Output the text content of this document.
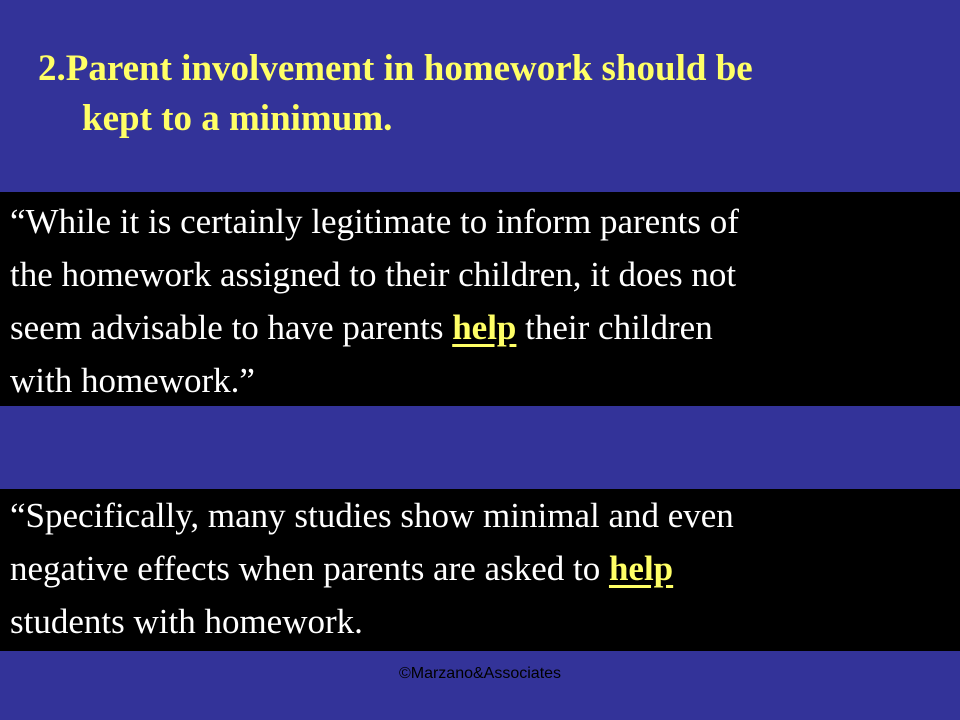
2.Parent involvement in homework should be
kept to a minimum.
“While it is certainly legitimate to inform parents of
the homework assigned to their children, it does not
seem advisable to have parents help their children
with homework.”
“Specifically, many studies show minimal and even
negative effects when parents are asked to help
students with homework.
©Marzano&Associates
